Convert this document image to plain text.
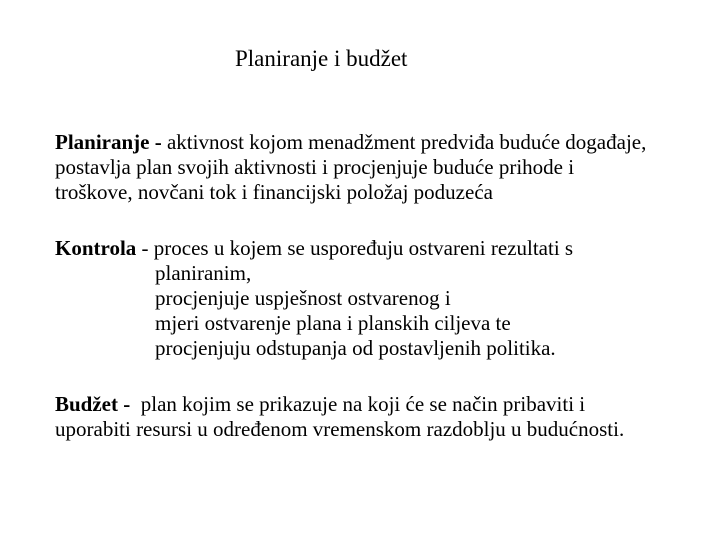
Planiranje i budžet
Planiranje - aktivnost kojom menadžment predviđa buduće događaje,
postavlja plan svojih aktivnosti i procjenjuje buduće prihode i
troškove, novčani tok i financijski položaj poduzeća
Kontrola - proces u kojem se uspoređuju ostvareni rezultati s
planiranim,
procjenjuje uspješnost ostvarenog i
mjeri ostvarenje plana i planskih ciljeva te
procjenjuju odstupanja od postavljenih politika.
Budžet -  plan kojim se prikazuje na koji će se način pribaviti i
uporabiti resursi u određenom vremenskom razdoblju u budućnosti.
